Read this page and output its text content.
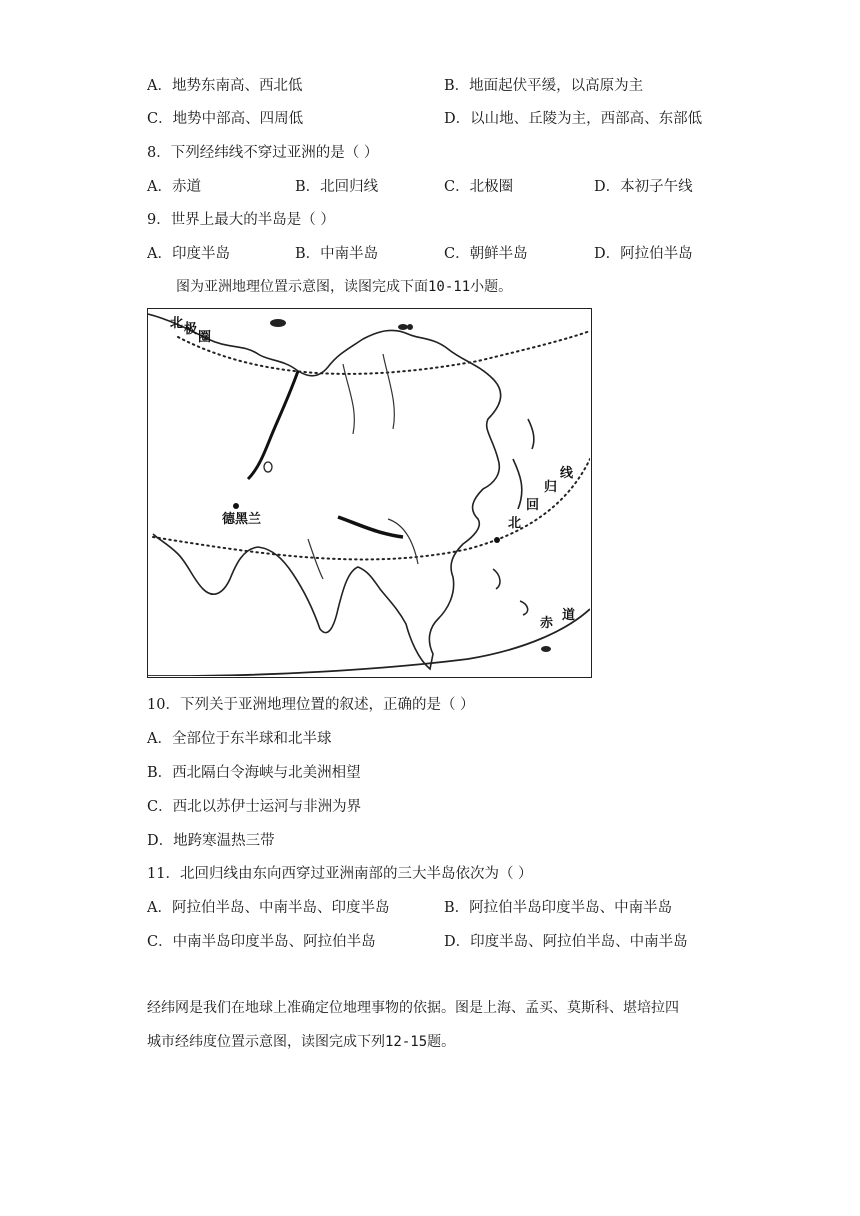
A．地势东南高、西北低	B．地面起伏平缓，以高原为主
C．地势中部高、四周低	D．以山地、丘陵为主，西部高、东部低
8．下列经纬线不穿过亚洲的是（ ）
A．赤道	B．北回归线	C．北极圈	D．本初子午线
9．世界上最大的半岛是（ ）
A．印度半岛	B．中南半岛	C．朝鲜半岛	D．阿拉伯半岛
图为亚洲地理位置示意图，读图完成下面10-11小题。
北 极
圈
德黑兰	北
回
归
线
赤
道
10．下列关于亚洲地理位置的叙述，正确的是（ ）
A．全部位于东半球和北半球
B．西北隔白令海峡与北美洲相望
C．西北以苏伊士运河与非洲为界
D．地跨寒温热三带
11．北回归线由东向西穿过亚洲南部的三大半岛依次为（ ）
A．阿拉伯半岛、中南半岛、印度半岛	B．阿拉伯半岛印度半岛、中南半岛
C．中南半岛印度半岛、阿拉伯半岛	D．印度半岛、阿拉伯半岛、中南半岛
经纬网是我们在地球上准确定位地理事物的依据。图是上海、孟买、莫斯科、堪培拉四
城市经纬度位置示意图，读图完成下列12-15题。
